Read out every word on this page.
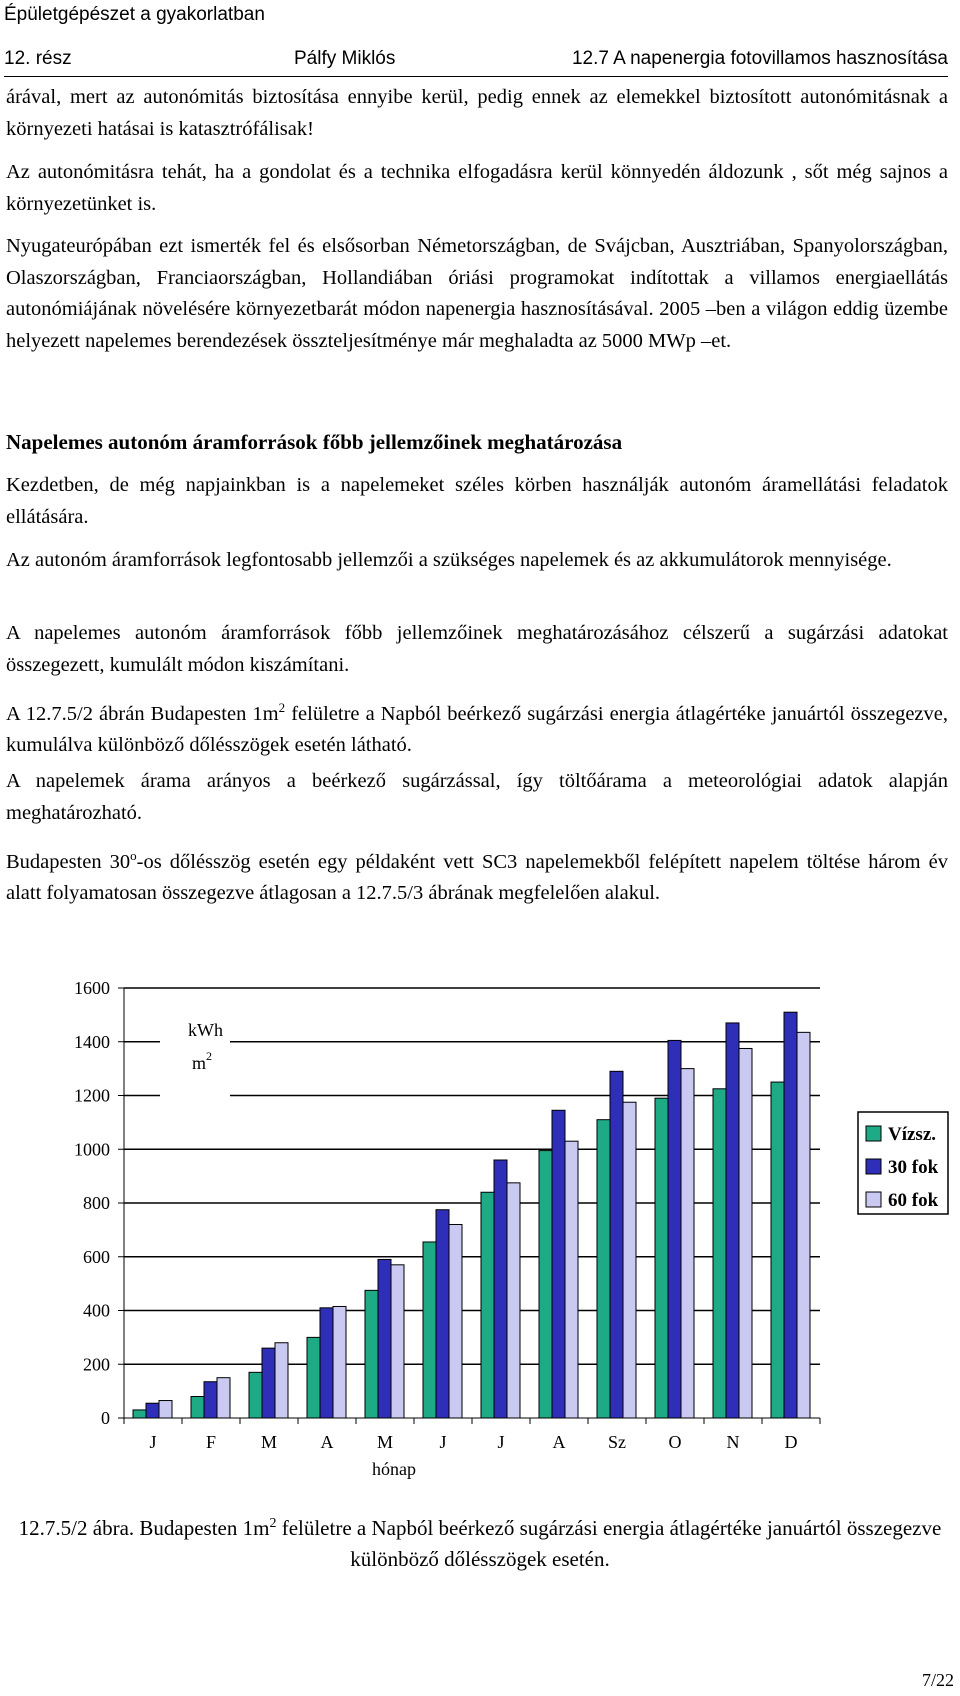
Épületgépészet a gyakorlatban
12. rész	Pálfy Miklós	12.7 A napenergia fotovillamos hasznosítása

árával, mert az autonómitás biztosítása ennyibe kerül, pedig ennek az elemekkel biztosított autonómitásnak a környezeti hatásai is katasztrófálisak!

Az autonómitásra tehát, ha a gondolat és a technika elfogadásra kerül könnyedén áldozunk , sőt még sajnos a környezetünket is.

Nyugateurópában ezt ismerték fel és elsősorban Németországban, de Svájcban, Ausztriában, Spanyolországban, Olaszországban, Franciaországban, Hollandiában óriási programokat indítottak a villamos energiaellátás autonómiájának növelésére környezetbarát módon napenergia hasznosításával. 2005 –ben a világon eddig üzembe helyezett napelemes berendezések összteljesítménye már meghaladta az 5000 MWp –et.

Napelemes autonóm áramforrások főbb jellemzőinek meghatározása

Kezdetben, de még napjainkban is a napelemeket széles körben használják autonóm áramellátási feladatok ellátására.

Az autonóm áramforrások legfontosabb jellemzői a szükséges napelemek és az akkumulátorok mennyisége.

A napelemes autonóm áramforrások főbb jellemzőinek meghatározásához célszerű a sugárzási adatokat összegezett, kumulált módon kiszámítani.

A 12.7.5/2 ábrán Budapesten $1m^2$ felületre a Napból beérkező sugárzási energia átlagértéke januártól összegezve, kumulálva különböző dőlésszögek esetén látható.

A napelemek árama arányos a beérkező sugárzással, így töltőárama a meteorológiai adatok alapján meghatározható.

Budapesten 30$^o$-os dőlésszög esetén egy példaként vett SC3 napelemekből felépített napelem töltése három év alatt folyamatosan összegezve átlagosan a 12.7.5/3 ábrának megfelelően alakul.

0
200
400
600
800
1000
1200
1400
1600
J	F M A M	J	J	A Sz O	N	D
kWh
$m^2$
hónap
Vízsz.
30 fok
60 fok
12.7.5/2 ábra. Budapesten $1m^2$ felületre a Napból beérkező sugárzási energia átlagértéke januártól összegezve különböző dőlésszögek esetén.
7/22
